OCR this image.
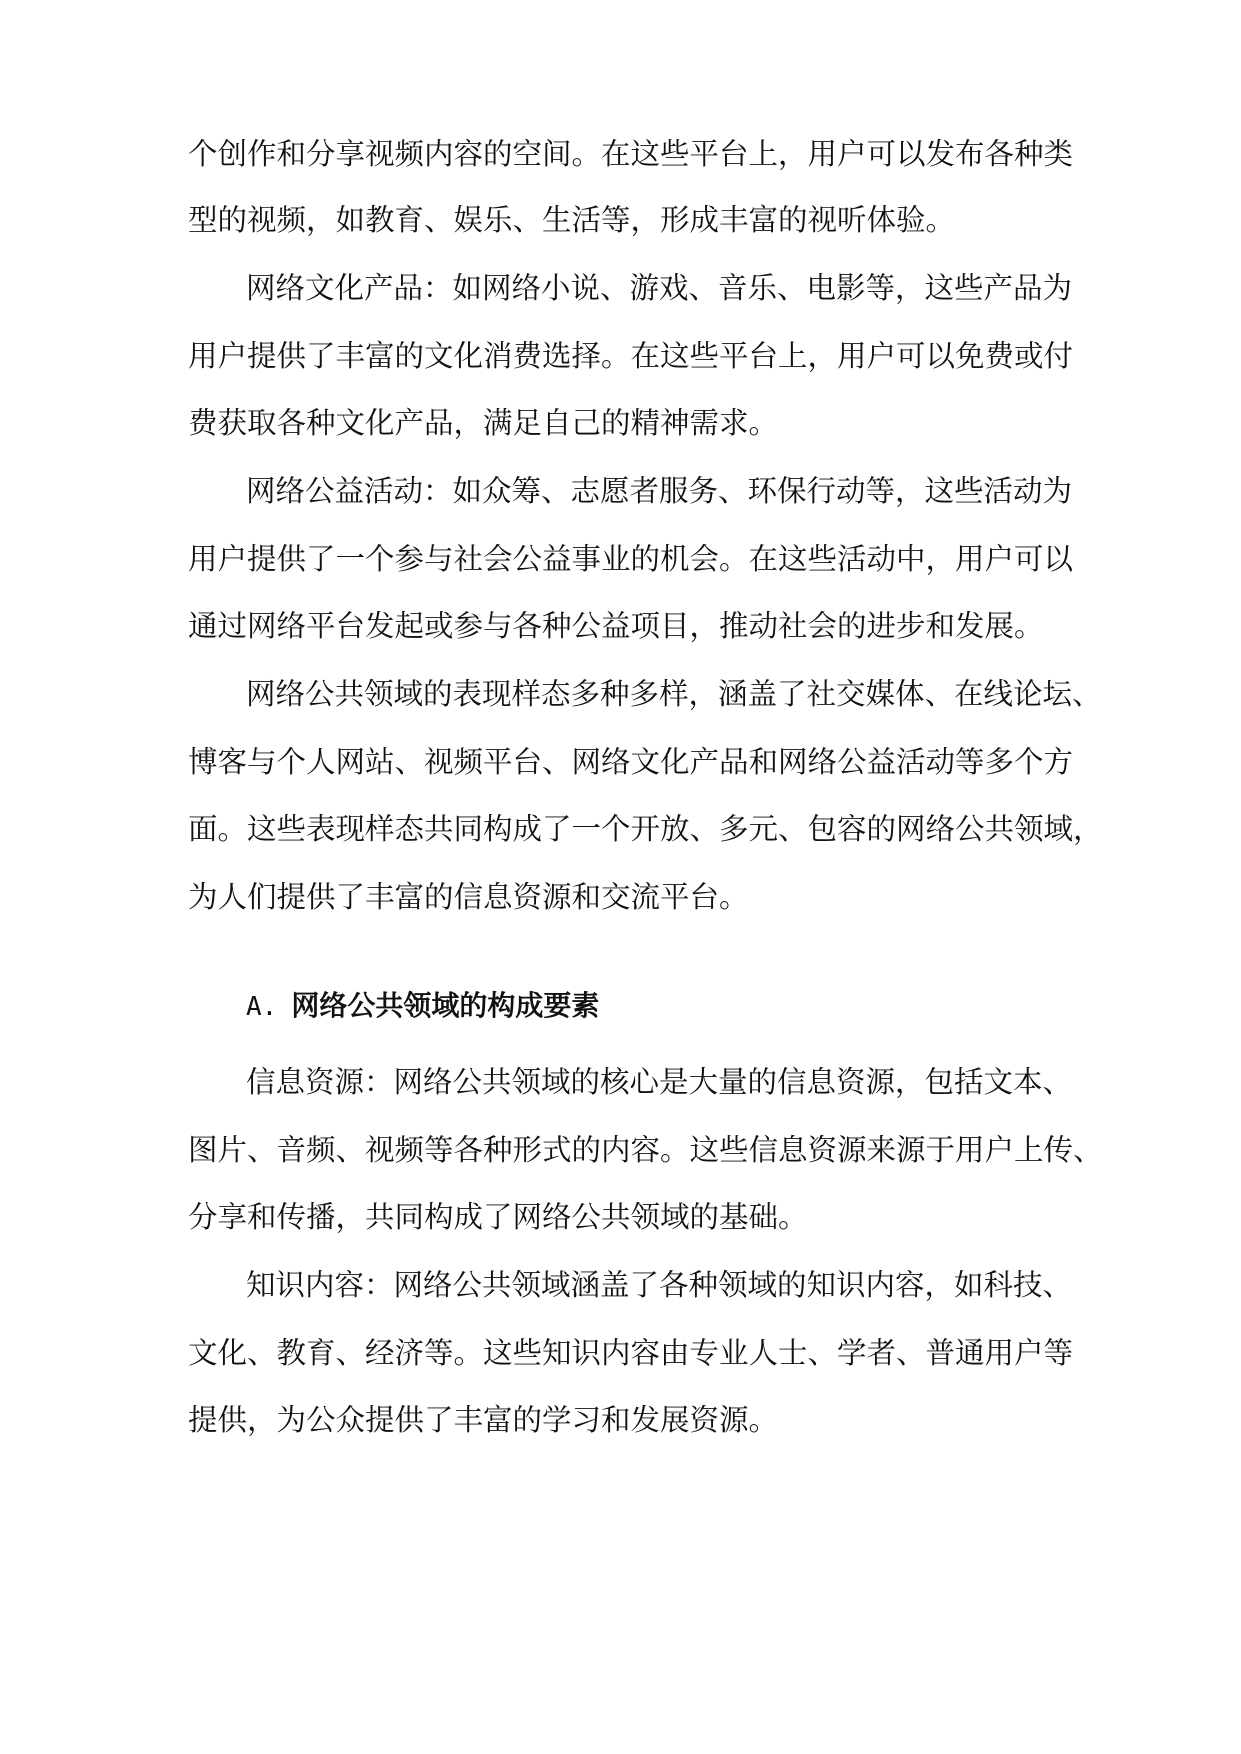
个创作和分享视频内容的空间。在这些平台上，用户可以发布各种类
型的视频，如教育、娱乐、生活等，形成丰富的视听体验。
网络文化产品：如网络小说、游戏、音乐、电影等，这些产品为
用户提供了丰富的文化消费选择。在这些平台上，用户可以免费或付
费获取各种文化产品，满足自己的精神需求。
网络公益活动：如众筹、志愿者服务、环保行动等，这些活动为
用户提供了一个参与社会公益事业的机会。在这些活动中，用户可以
通过网络平台发起或参与各种公益项目，推动社会的进步和发展。
网络公共领域的表现样态多种多样，涵盖了社交媒体、在线论坛、
博客与个人网站、视频平台、网络文化产品和网络公益活动等多个方
面。这些表现样态共同构成了一个开放、多元、包容的网络公共领域，
为人们提供了丰富的信息资源和交流平台。
A. 网络公共领域的构成要素
信息资源：网络公共领域的核心是大量的信息资源，包括文本、
图片、音频、视频等各种形式的内容。这些信息资源来源于用户上传、
分享和传播，共同构成了网络公共领域的基础。
知识内容：网络公共领域涵盖了各种领域的知识内容，如科技、
文化、教育、经济等。这些知识内容由专业人士、学者、普通用户等
提供，为公众提供了丰富的学习和发展资源。
